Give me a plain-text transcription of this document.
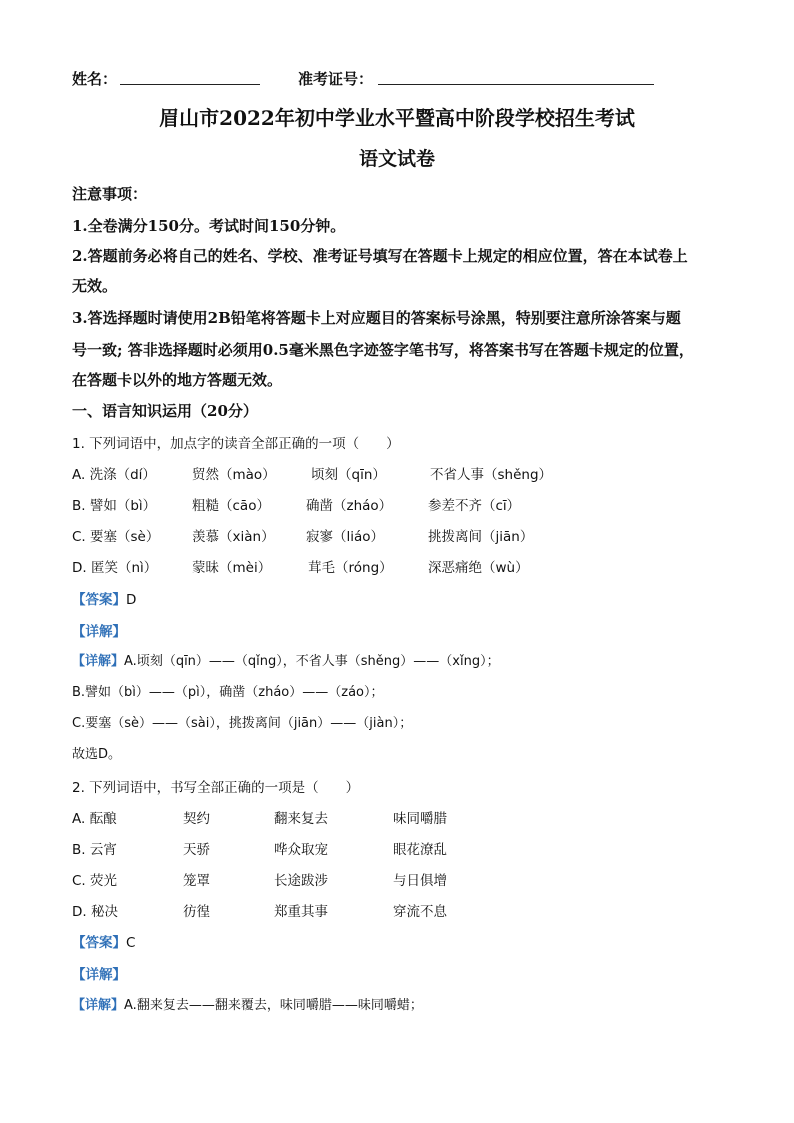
姓名：	准考证号：
眉山市2022年初中学业水平暨高中阶段学校招生考试
语文试卷
注意事项：
1.全卷满分150分。考试时间150分钟。
2.答题前务必将自己的姓名、学校、准考证号填写在答题卡上规定的相应位置，答在本试卷上
无效。
3.答选择题时请使用2B铅笔将答题卡上对应题目的答案标号涂黑，特别要注意所涂答案与题
号一致; 答非选择题时必须用0.5毫米黑色字迹签字笔书写，将答案书写在答题卡规定的位置，
在答题卡以外的地方答题无效。
一、语言知识运用（20分）
1. 下列词语中，加点字的读音全部正确的一项（　　）
A. 洗涤（dí）	贸然（mào）	顷刻（qīn）	不省人事（shěng）
B. 譬如（bì）	粗糙（cāo）	确凿（zháo）	参差不齐（cī）
C. 要塞（sè） 羡慕（xiàn） 寂寥（liáo）	挑拨离间（jiān）
D. 匿笑（nì）	蒙昧（mèi）	茸毛（róng）	深恶痛绝（wù）
【答案】D
【详解】
【详解】A.顷刻（qīn）——（qǐng），不省人事（shěng）——（xǐng）；
B.譬如（bì）——（pì），确凿（zháo）——（záo）；
C.要塞（sè）——（sài），挑拨离间（jiān）——（jiàn）；
故选D。
2. 下列词语中，书写全部正确的一项是（　　）
A. 酝酿	契约	翻来复去	味同嚼腊
B. 云宵	天骄	哗众取宠	眼花潦乱
C. 荧光	笼罩	长途跋涉	与日俱增
D. 秘决	彷徨	郑重其事	穿流不息
【答案】C
【详解】
【详解】A.翻来复去——翻来覆去，味同嚼腊——味同嚼蜡；
